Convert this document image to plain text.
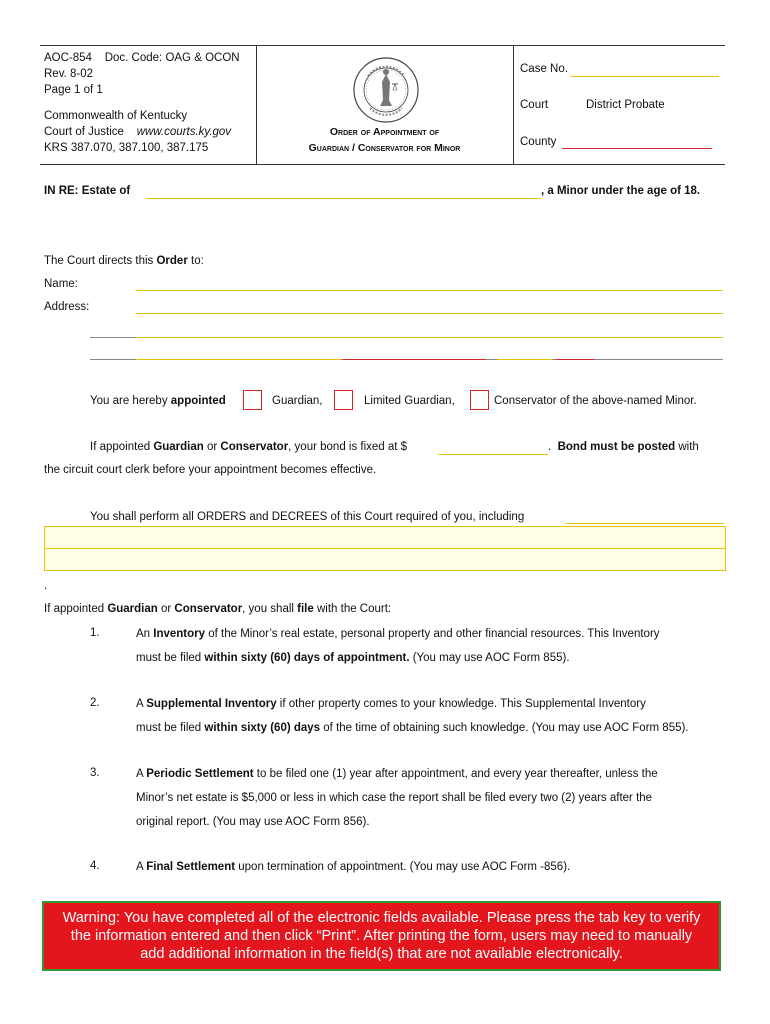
AOC-854 Doc. Code: OAG & OCON
Rev. 8-02
Page 1 of 1
Commonwealth of Kentucky
Court of Justice www.courts.ky.gov
KRS 387.070, 387.100, 387.175
Order of Appointment of
Guardian / Conservator for Minor
Case No.
Court	District Probate
County
IN RE: Estate of	, a Minor under the age of 18.
The Court directs this Order to:
Name:
Address:
You are hereby appointed	Guardian,	Limited Guardian,	Conservator of the above-named Minor.
If appointed Guardian or Conservator, your bond is fixed at $	.  Bond must be posted with
the circuit court clerk before your appointment becomes effective.
You shall perform all ORDERS and DECREES of this Court required of you, including
.
If appointed Guardian or Conservator, you shall file with the Court:
1.	An Inventory of the Minor’s real estate, personal property and other financial resources. This Inventory
must be filed within sixty (60) days of appointment. (You may use AOC Form 855).
2.	A Supplemental Inventory if other property comes to your knowledge. This Supplemental Inventory
must be filed within sixty (60) days of the time of obtaining such knowledge. (You may use AOC Form 855).
3.	A Periodic Settlement to be filed one (1) year after appointment, and every year thereafter, unless the
Minor’s net estate is $5,000 or less in which case the report shall be filed every two (2) years after the
original report. (You may use AOC Form 856).
4.	A Final Settlement upon termination of appointment. (You may use AOC Form -856).
Warning: You have completed all of the electronic fields available. Please press the tab key to verify
the information entered and then click “Print”. After printing the form, users may need to manually
add additional information in the field(s) that are not available electronically.
